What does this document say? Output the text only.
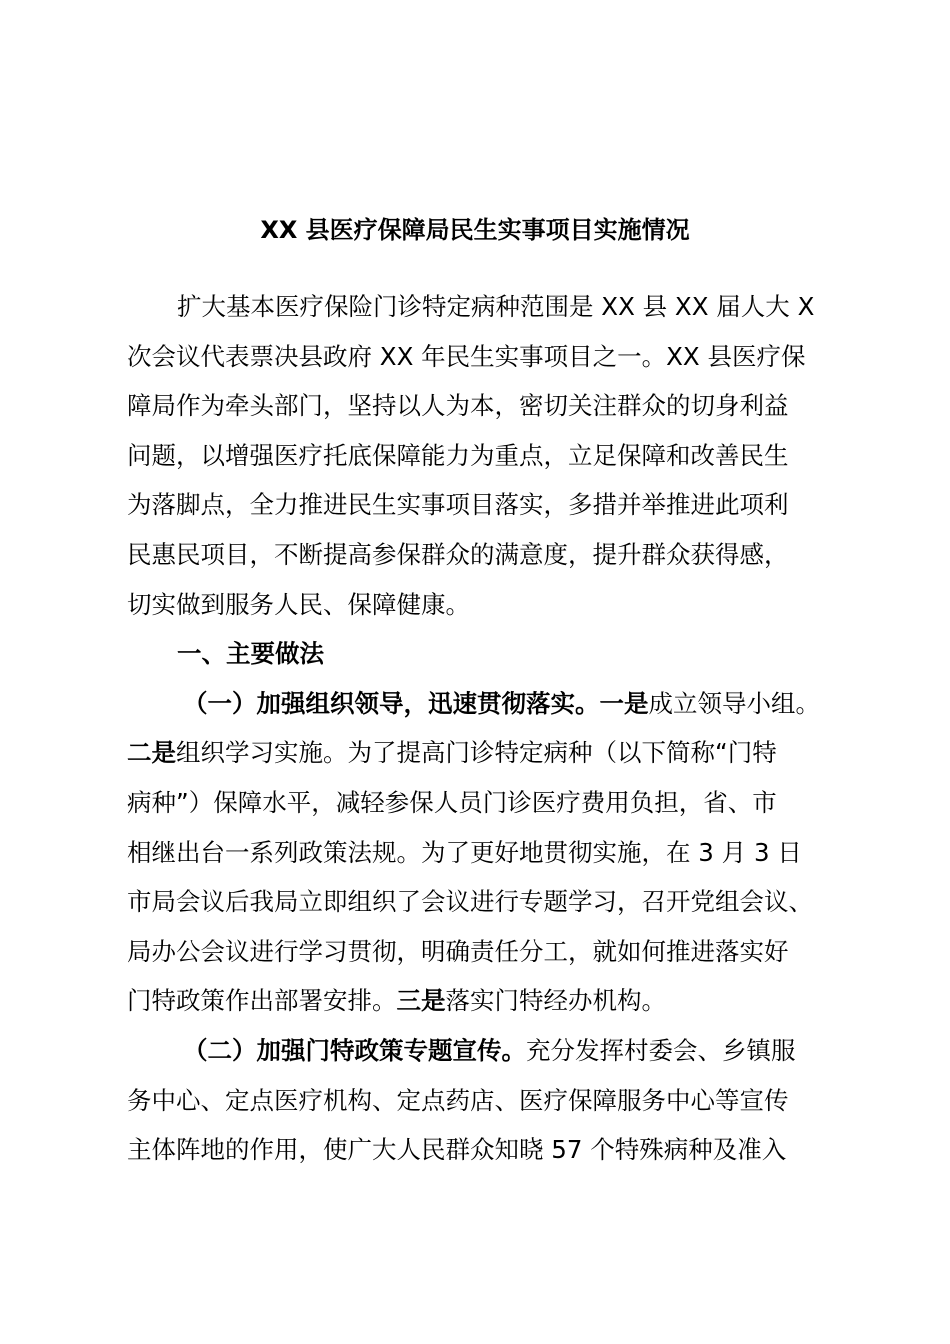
XX 县医疗保障局民生实事项目实施情况
扩大基本医疗保险门诊特定病种范围是 XX 县 XX 届人大 X
次会议代表票决县政府 XX 年民生实事项目之一。XX 县医疗保
障局作为牵头部门，坚持以人为本，密切关注群众的切身利益
问题，以增强医疗托底保障能力为重点，立足保障和改善民生
为落脚点，全力推进民生实事项目落实，多措并举推进此项利
民惠民项目，不断提高参保群众的满意度，提升群众获得感，
切实做到服务人民、保障健康。
一、主要做法
（一）加强组织领导，迅速贯彻落实。一是成立领导小组。
二是组织学习实施。为了提高门诊特定病种（以下简称“门特
病种”）保障水平，减轻参保人员门诊医疗费用负担，省、市
相继出台一系列政策法规。为了更好地贯彻实施，在 3 月 3 日
市局会议后我局立即组织了会议进行专题学习，召开党组会议、
局办公会议进行学习贯彻，明确责任分工，就如何推进落实好
门特政策作出部署安排。三是落实门特经办机构。
（二）加强门特政策专题宣传。充分发挥村委会、乡镇服
务中心、定点医疗机构、定点药店、医疗保障服务中心等宣传
主体阵地的作用，使广大人民群众知晓 57 个特殊病种及准入
